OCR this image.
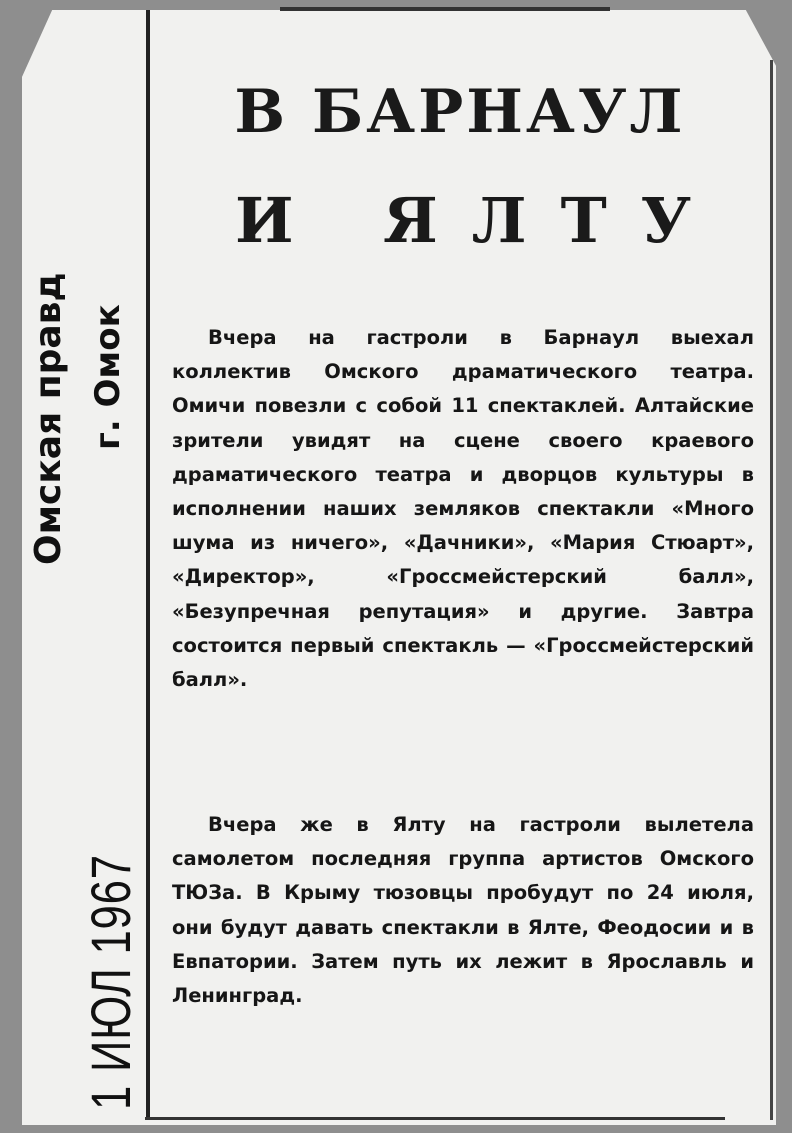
Омская правд г. Омок
1 ИЮЛ 1967
В БАРНАУЛ
И ЯЛТУ

Вчера на гастроли в Барнаул выехал коллектив Омского драматического театра. Омичи повезли с собой 11 спектаклей. Алтайские зрители увидят на сцене своего краевого драматического театра и дворцов культуры в исполнении наших земляков спектакли «Много шума из ничего», «Дачники», «Мария Стюарт», «Директор», «Гроссмейстерский балл», «Безупречная репутация» и другие. Завтра состоится первый спектакль — «Гроссмейстерский балл».

Вчера же в Ялту на гастроли вылетела самолетом последняя группа артистов Омского ТЮЗа. В Крыму тюзовцы пробудут по 24 июля, они будут давать спектакли в Ялте, Феодосии и в Евпатории. Затем путь их лежит в Ярославль и Ленинград.
